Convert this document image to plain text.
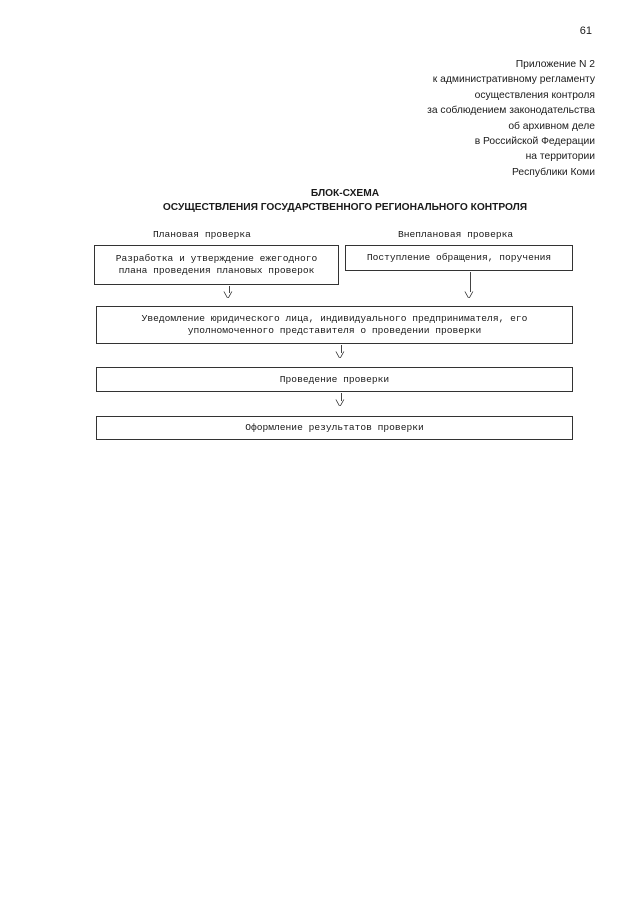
61
Приложение N 2
к административному регламенту
осуществления контроля
за соблюдением законодательства
об архивном деле
в Российской Федерации
на территории
Республики Коми
БЛОК-СХЕМА
ОСУЩЕСТВЛЕНИЯ ГОСУДАРСТВЕННОГО РЕГИОНАЛЬНОГО КОНТРОЛЯ
Плановая проверка	Внеплановая проверка
Разработка и утверждение ежегодного
плана проведения плановых проверок
Поступление обращения, поручения
\/	\/
Уведомление юридического лица, индивидуального предпринимателя, его
уполномоченного представителя о проведении проверки
\/
Проведение проверки
\/
Оформление результатов проверки
